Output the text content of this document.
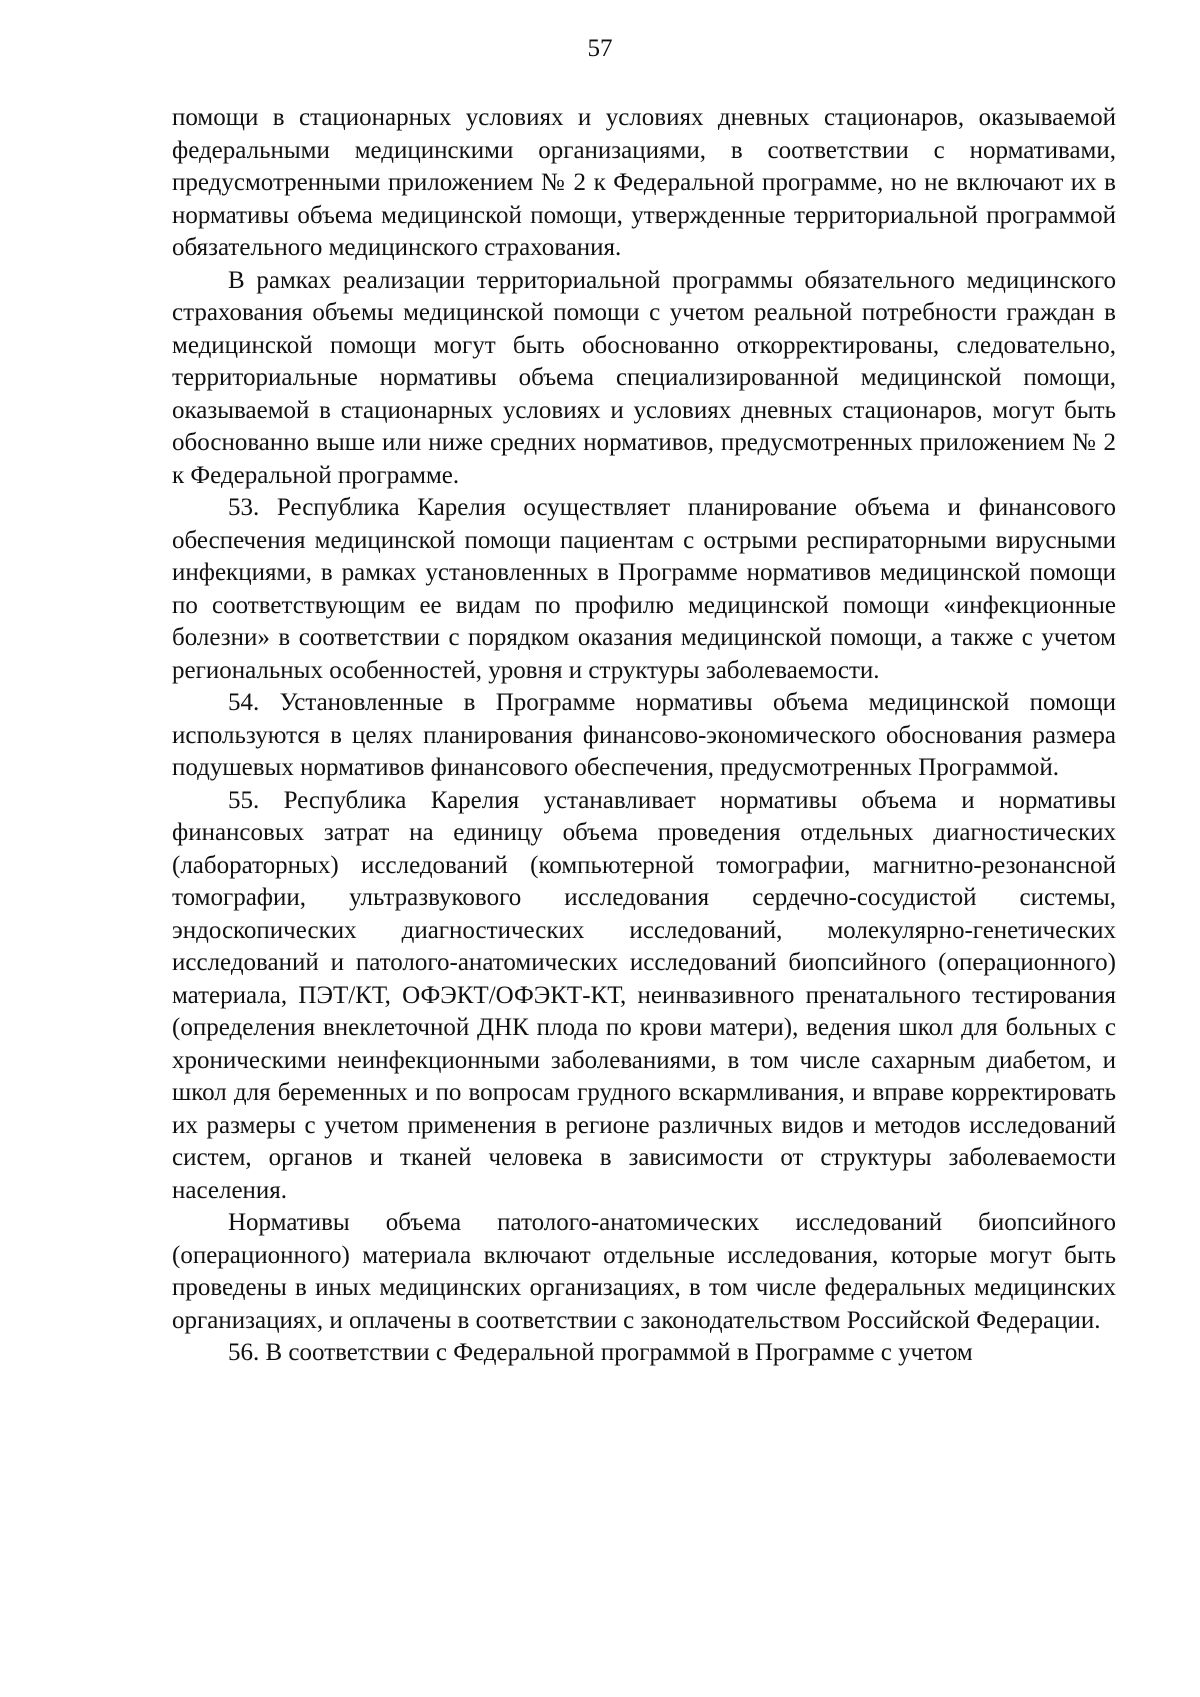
57

помощи в стационарных условиях и условиях дневных стационаров, оказываемой федеральными медицинскими организациями, в соответствии с нормативами, предусмотренными приложением № 2 к Федеральной программе, но не включают их в нормативы объема медицинской помощи, утвержденные территориальной программой обязательного медицинского страхования.

В рамках реализации территориальной программы обязательного медицинского страхования объемы медицинской помощи с учетом реальной потребности граждан в медицинской помощи могут быть обоснованно откорректированы, следовательно, территориальные нормативы объема специализированной медицинской помощи, оказываемой в стационарных условиях и условиях дневных стационаров, могут быть обоснованно выше или ниже средних нормативов, предусмотренных приложением № 2 к Федеральной программе.

53. Республика Карелия осуществляет планирование объема и финансового обеспечения медицинской помощи пациентам с острыми респираторными вирусными инфекциями, в рамках установленных в Программе нормативов медицинской помощи по соответствующим ее видам по профилю медицинской помощи «инфекционные болезни» в соответствии с порядком оказания медицинской помощи, а также с учетом региональных особенностей, уровня и структуры заболеваемости.

54. Установленные в Программе нормативы объема медицинской помощи используются в целях планирования финансово-экономического обоснования размера подушевых нормативов финансового обеспечения, предусмотренных Программой.

55. Республика Карелия устанавливает нормативы объема и нормативы финансовых затрат на единицу объема проведения отдельных диагностических (лабораторных) исследований (компьютерной томографии, магнитно-резонансной томографии, ультразвукового исследования сердечно-сосудистой системы, эндоскопических диагностических исследований, молекулярно-генетических исследований и патолого-анатомических исследований биопсийного (операционного) материала, ПЭТ/КТ, ОФЭКТ/ОФЭКТ-КТ, неинвазивного пренатального тестирования (определения внеклеточной ДНК плода по крови матери), ведения школ для больных с хроническими неинфекционными заболеваниями, в том числе сахарным диабетом, и школ для беременных и по вопросам грудного вскармливания, и вправе корректировать их размеры с учетом применения в регионе различных видов и методов исследований систем, органов и тканей человека в зависимости от структуры заболеваемости населения.

Нормативы объема патолого-анатомических исследований биопсийного (операционного) материала включают отдельные исследования, которые могут быть проведены в иных медицинских организациях, в том числе федеральных медицинских организациях, и оплачены в соответствии с законодательством Российской Федерации.

56. В соответствии с Федеральной программой в Программе с учетом
